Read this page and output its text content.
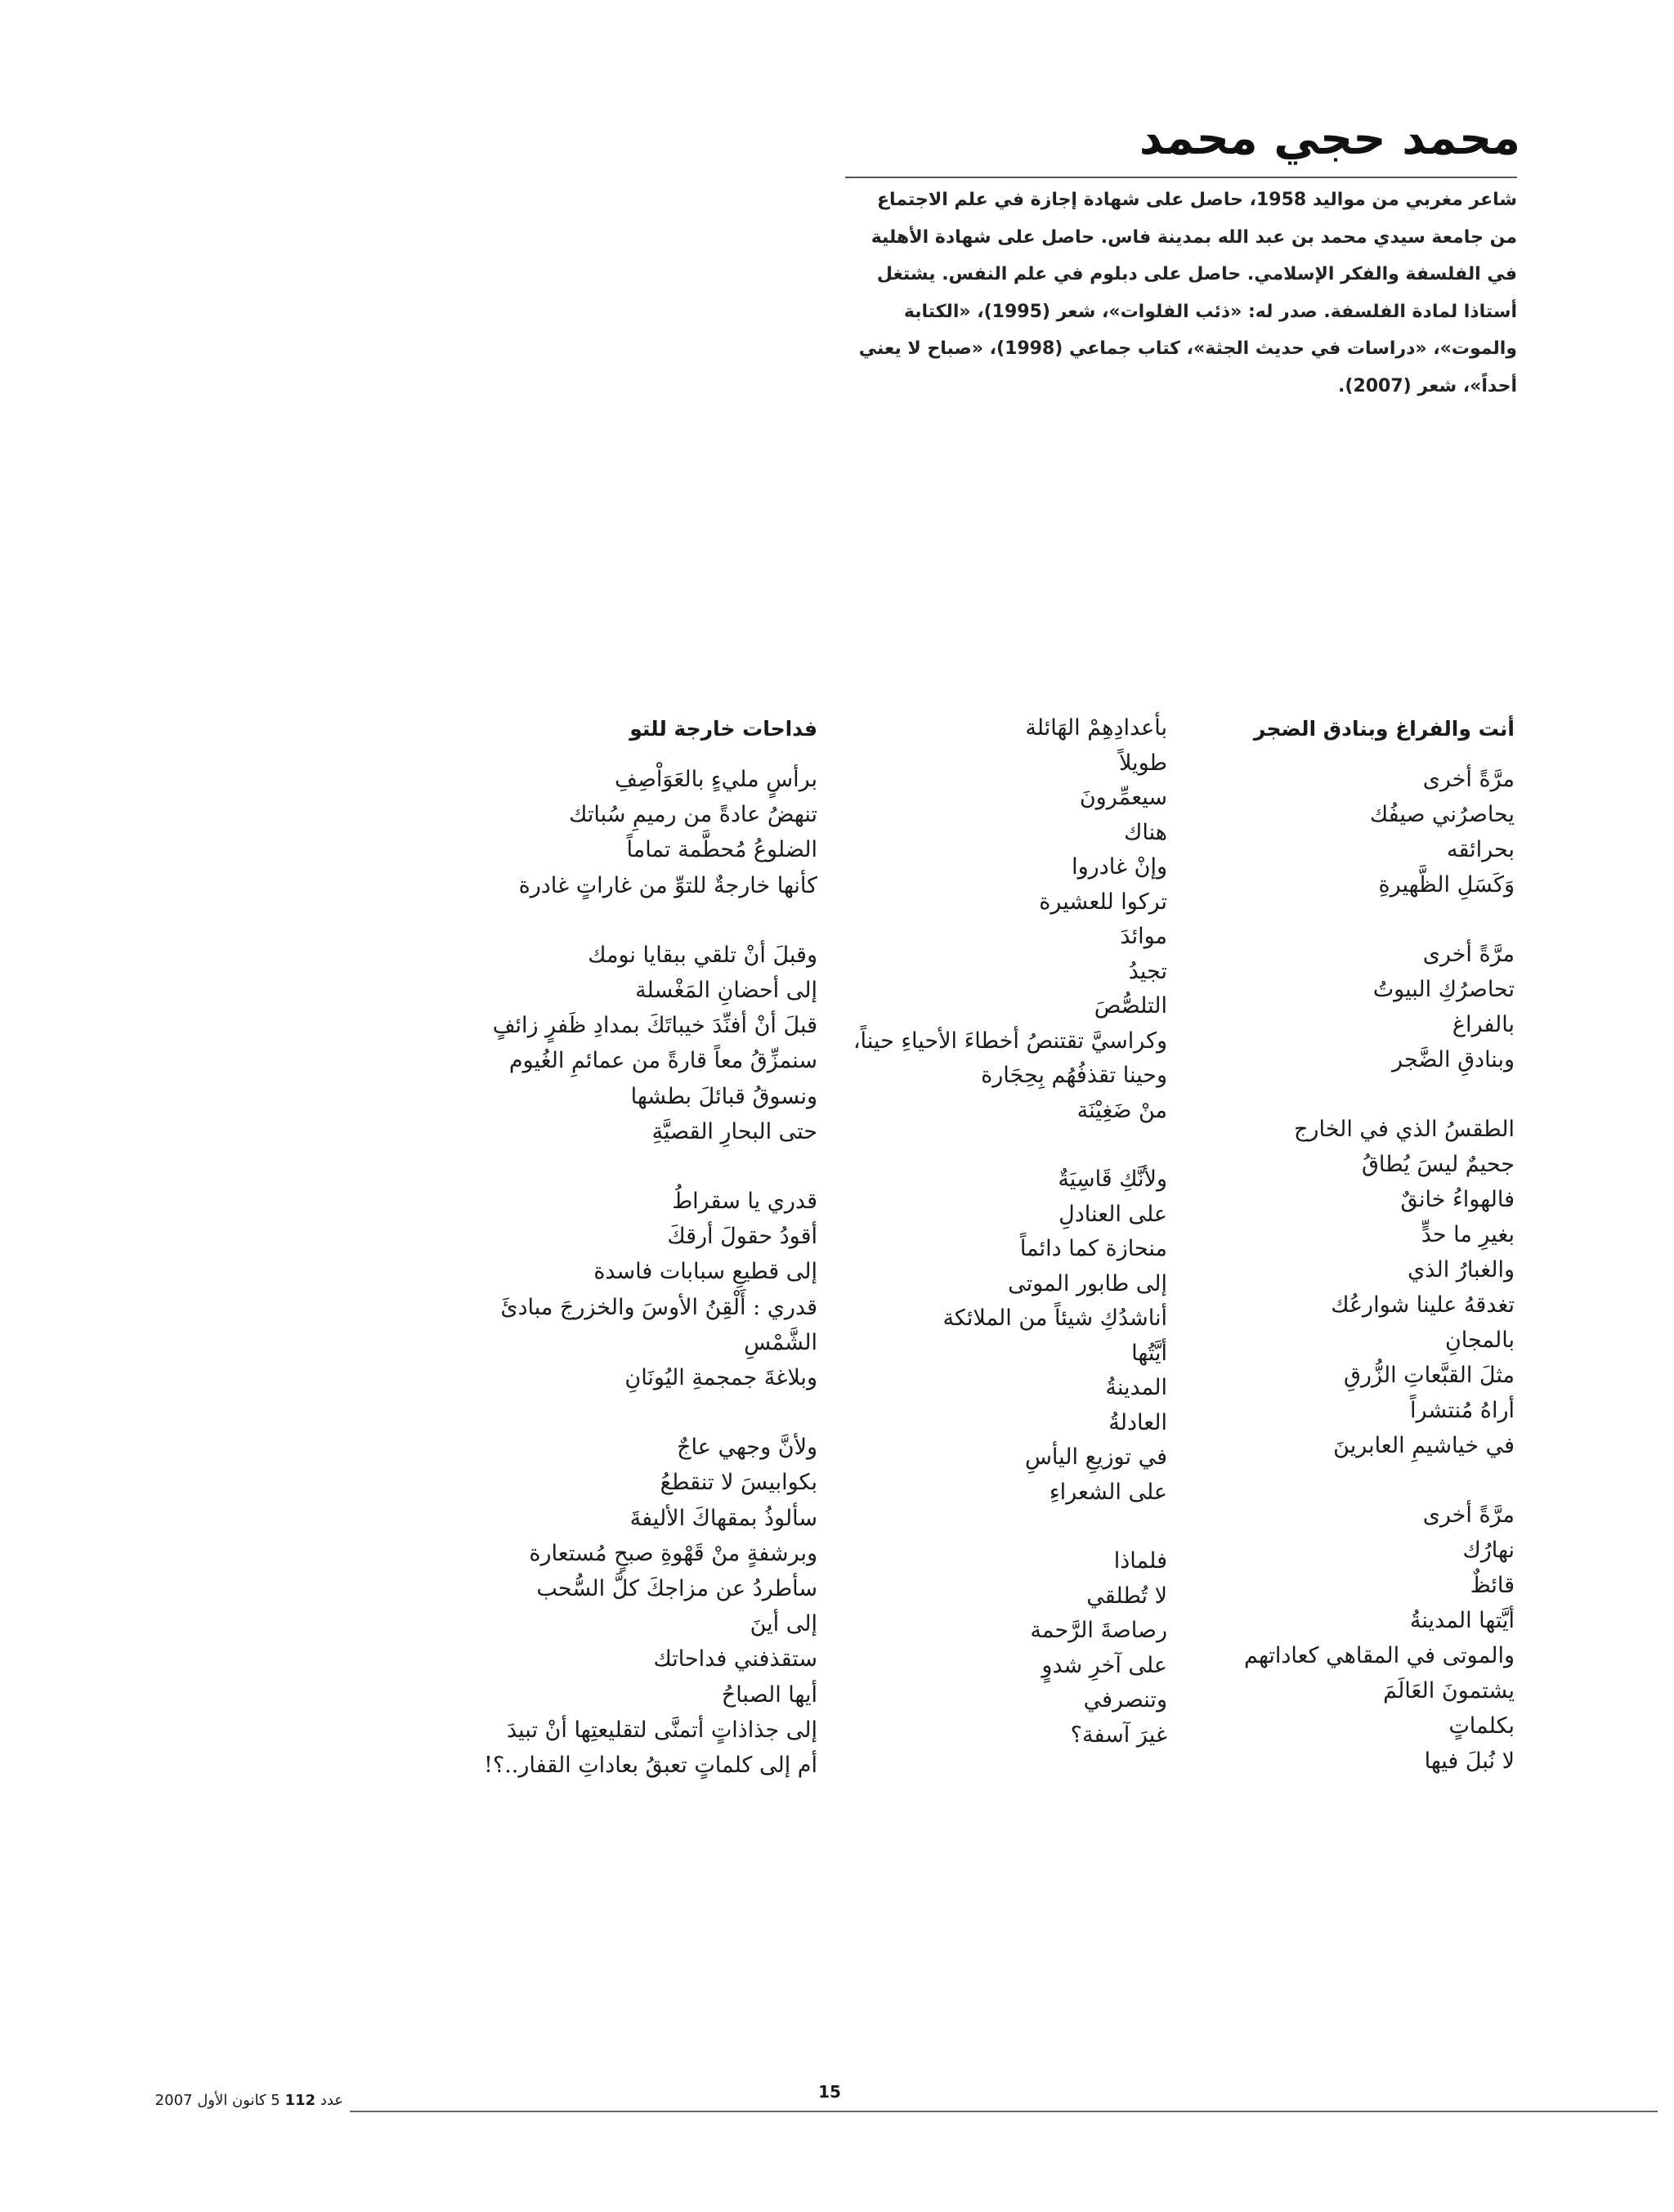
محمد حجي محمد

شاعر مغربي من مواليد 1958، حاصل على شهادة إجازة في علم الاجتماع من جامعة سيدي محمد بن عبد الله بمدينة فاس. حاصل على شهادة الأهلية في الفلسفة والفكر الإسلامي. حاصل على دبلوم في علم النفس. يشتغل أستاذا لمادة الفلسفة. صدر له: «ذئب الفلوات»، شعر (1995)، «الكتابة والموت»، «دراسات في حديث الجثة»، كتاب جماعي (1998)، «صباح لا يعني أحداً»، شعر (2007).

أنت والفراغ وبنادق الضجر
مرَّةً أخرى
يحاصرُني صيفُك
بحرائقه
وَكَسَلِ الظَّهيرةِ
مرَّةً أخرى
تحاصرُكِ البيوتُ
بالفراغ
وبنادقِ الضَّجر
الطقسُ الذي في الخارج
جحيمٌ ليسَ يُطاقُ
فالهواءُ خانقٌ
بغيرِ ما حدٍّ
والغبارُ الذي
تغدقهُ علينا شوارعُك
بالمجانِ
مثلَ القبَّعاتِ الزُّرقِ
أراهُ مُنتشراً
في خياشيمِ العابرينَ
مرَّةً أخرى
نهارُك
قائظٌ
أيَّتها المدينةُ
والموتى في المقاهي كعاداتهم
يشتمونَ العَالَمَ
بكلماتٍ
لا نُبلَ فيها
بأعدادِهِمْ الهَائلة
طويلاً
سيعمِّرونَ
هناك
وإنْ غادروا
تركوا للعشيرة
موائدَ
تجيدُ
التلصُّصَ
وكراسيَّ تقتنصُ أخطاءَ الأحياءِ حيناً،
وحينا تقذفُهُم بِحِجَارة
منْ ضَغِيْنَة
ولأنَّكِ قَاسِيَةٌ
على العنادلِ
منحازة كما دائماً
إلى طابور الموتى
أناشدُكِ شيئاً من الملائكة
أيَّتُها
المدينةُ
العادلةُ
في توزيعِ اليأسِ
على الشعراءِ
فلماذا
لا تُطلقي
رصاصةَ الرَّحمة
على آخرِ شدوٍ
وتنصرفي
غيرَ آسفة؟
فداحات خارجة للتو
برأسٍ مليءٍ بالعَوَاْصِفِ
تنهضُ عادةً من رميمِ سُباتك
الضلوعُ مُحطَّمة تماماً
كأنها خارجةٌ للتوِّ من غاراتٍ غادرة
وقبلَ أنْ تلقي ببقايا نومك
إلى أحضانِ المَغْسلة
قبلَ أنْ أفنِّدَ خيباتَكَ بمدادِ ظَفرٍ زائفٍ
سنمزِّقُ معاً قارةً من عمائمِ الغُيوم
ونسوقُ قبائلَ بطشها
حتى البحارِ القصيَّةِ
قدري يا سقراطُ
أقودُ حقولَ أرقكَ
إلى قطيعِ سبابات فاسدة
قدري : أَلْقِنُ الأوسَ والخزرجَ مبادئَ
الشَّمْسِ
وبلاغةَ جمجمةِ اليُونَانِ
ولأنَّ وجهي عاجٌ
بكوابيسَ لا تنقطعُ
سألوذُ بمقهاكَ الأليفةَ
وبرشفةٍ منْ قَهْوةِ صبحٍ مُستعارة
سأطردُ عن مزاجكَ كلَّ السُّحب
إلى أينَ
ستقذفني فداحاتك
أيها الصباحُ
إلى جذاذاتٍ أتمنَّى لتقليعتِها أنْ تبيدَ
أم إلى كلماتٍ تعبقُ بعاداتِ القفار..؟!
15
عدد 112 5 كانون الأول 2007
